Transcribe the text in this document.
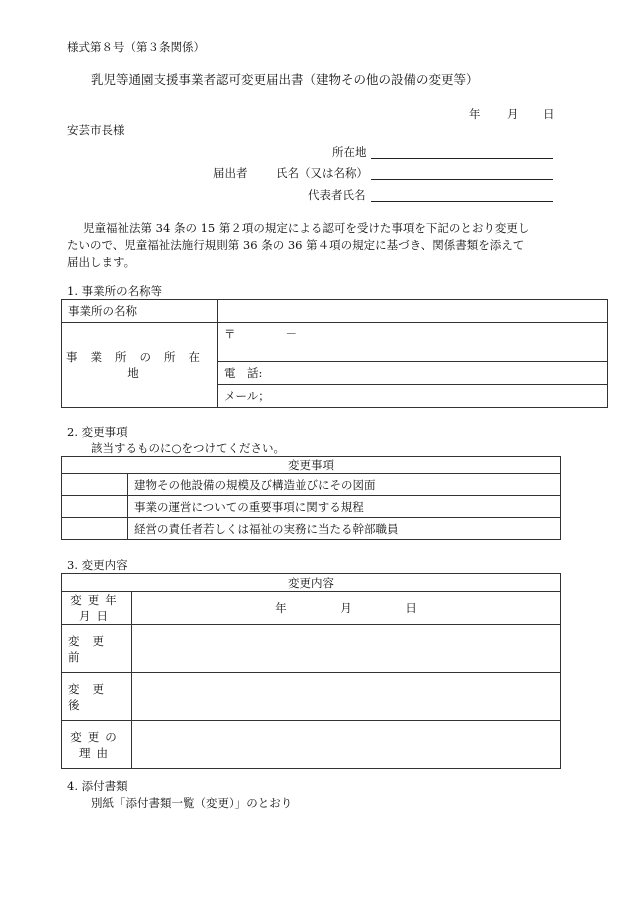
様式第８号（第３条関係）
乳児等通園支援事業者認可変更届出書（建物その他の設備の変更等）
年 月 日
安芸市長様
所在地
届出者 氏名（又は名称）
代表者氏名
児童福祉法第 34 条の 15 第２項の規定による認可を受けた事項を下記のとおり変更し
たいので、児童福祉法施行規則第 36 条の 36 第４項の規定に基づき、関係書類を添えて
届出します。
1. 事業所の名称等
事業所の名称	
事業所の所在地	〒 －
	電　話:
	メール；
2. 変更事項
該当するものに○をつけてください。
変更事項	
	建物その他設備の規模及び構造並びにその図面
	事業の運営についての重要事項に関する規程
	経営の責任者若しくは福祉の実務に当たる幹部職員
3. 変更内容
変更内容	
変更年月日	年 月 日
変更前	
変更後	
変更の理由	
4. 添付書類
別紙「添付書類一覧（変更）」のとおり
